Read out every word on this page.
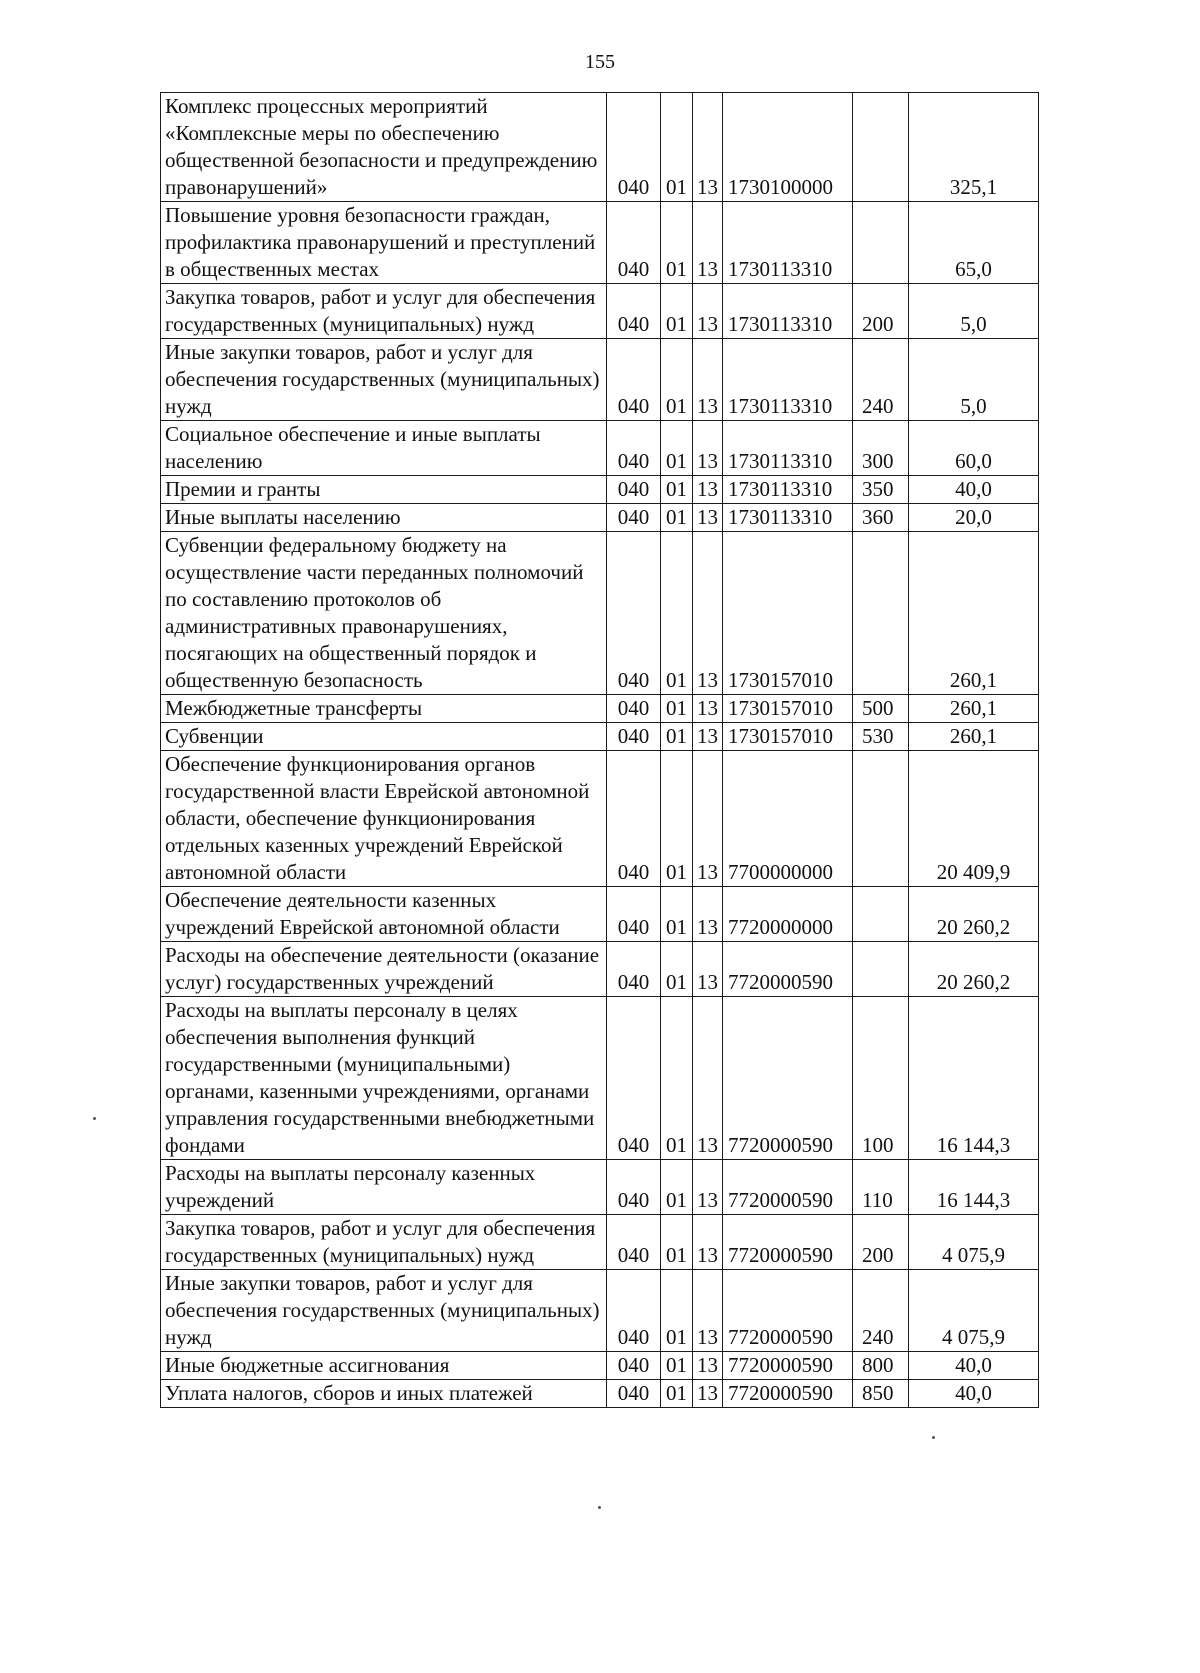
155
Комплекс процессных мероприятий «Комплексные меры по обеспечению общественной безопасности и предупреждению правонарушений»	040	01	13	1730100000		325,1
Повышение уровня безопасности граждан, профилактика правонарушений и преступлений в общественных местах	040	01	13	1730113310		65,0
Закупка товаров, работ и услуг для обеспечения государственных (муниципальных) нужд	040	01	13	1730113310	200	5,0
Иные закупки товаров, работ и услуг для обеспечения государственных (муниципальных) нужд	040	01	13	1730113310	240	5,0
Социальное обеспечение и иные выплаты населению	040	01	13	1730113310	300	60,0
Премии и гранты	040	01	13	1730113310	350	40,0
Иные выплаты населению	040	01	13	1730113310	360	20,0
Субвенции федеральному бюджету на осуществление части переданных полномочий по составлению протоколов об административных правонарушениях, посягающих на общественный порядок и общественную безопасность	040	01	13	1730157010		260,1
Межбюджетные трансферты	040	01	13	1730157010	500	260,1
Субвенции	040	01	13	1730157010	530	260,1
Обеспечение функционирования органов государственной власти Еврейской автономной области, обеспечение функционирования отдельных казенных учреждений Еврейской автономной области	040	01	13	7700000000		20 409,9
Обеспечение деятельности казенных учреждений Еврейской автономной области	040	01	13	7720000000		20 260,2
Расходы на обеспечение деятельности (оказание услуг) государственных учреждений	040	01	13	7720000590		20 260,2
Расходы на выплаты персоналу в целях обеспечения выполнения функций государственными (муниципальными) органами, казенными учреждениями, органами управления государственными внебюджетными фондами	040	01	13	7720000590	100	16 144,3
Расходы на выплаты персоналу казенных учреждений	040	01	13	7720000590	110	16 144,3
Закупка товаров, работ и услуг для обеспечения государственных (муниципальных) нужд	040	01	13	7720000590	200	4 075,9
Иные закупки товаров, работ и услуг для обеспечения государственных (муниципальных) нужд	040	01	13	7720000590	240	4 075,9
Иные бюджетные ассигнования	040	01	13	7720000590	800	40,0
Уплата налогов, сборов и иных платежей	040	01	13	7720000590	850	40,0
